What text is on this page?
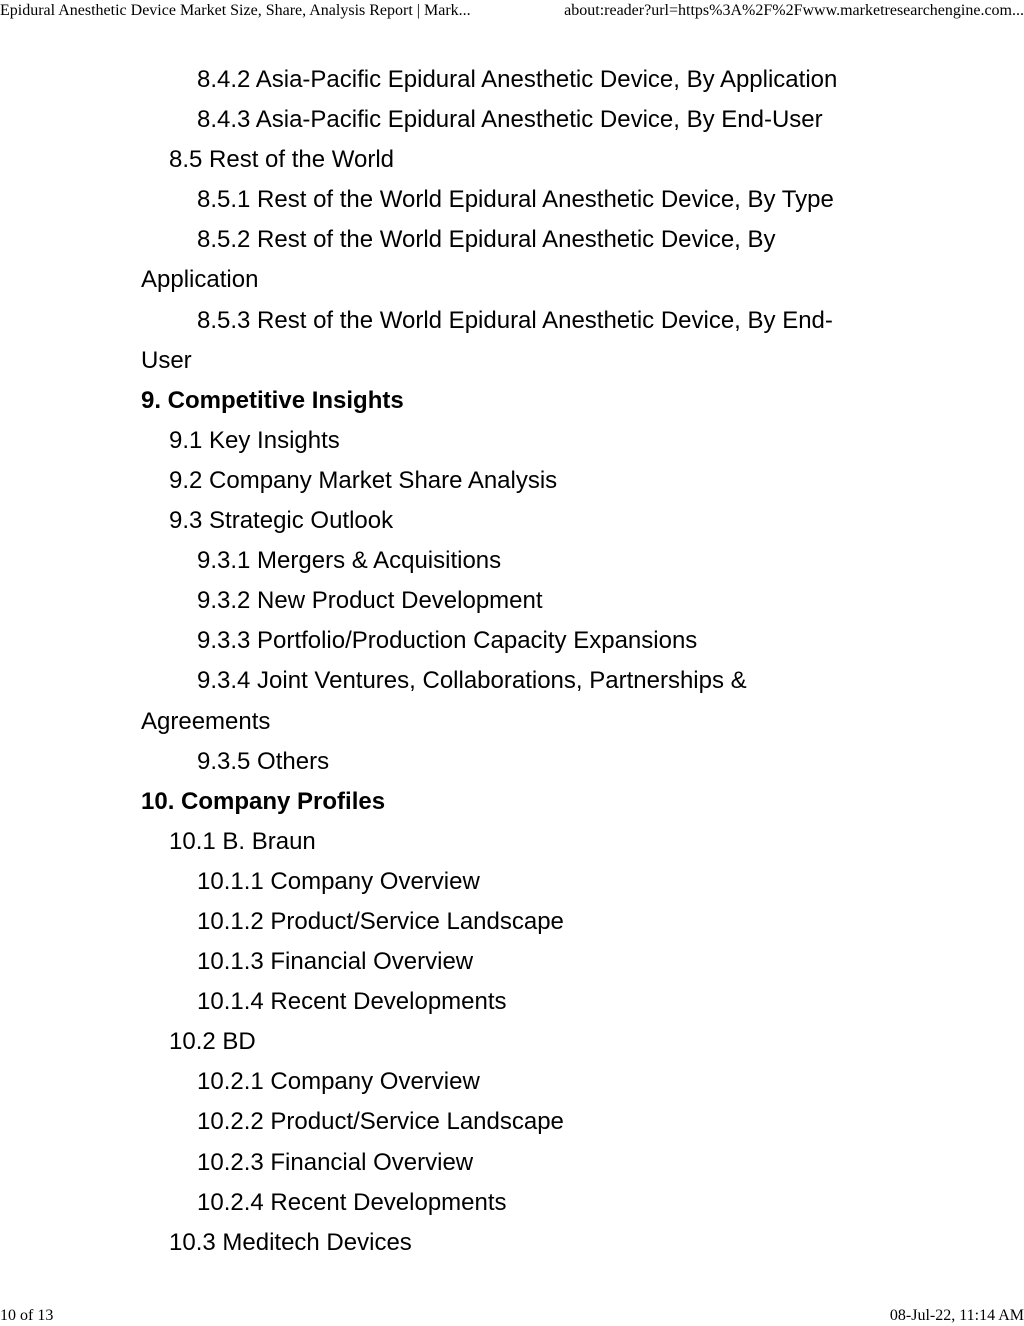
Epidural Anesthetic Device Market Size, Share, Analysis Report | Mark...	about:reader?url=https%3A%2F%2Fwww.marketresearchengine.com...

8.4.2 Asia-Pacific Epidural Anesthetic Device, By Application

8.4.3 Asia-Pacific Epidural Anesthetic Device, By End-User

8.5 Rest of the World

8.5.1 Rest of the World Epidural Anesthetic Device, By Type

8.5.2 Rest of the World Epidural Anesthetic Device, By Application

8.5.3 Rest of the World Epidural Anesthetic Device, By End-User

9. Competitive Insights

9.1 Key Insights

9.2 Company Market Share Analysis

9.3 Strategic Outlook

9.3.1 Mergers & Acquisitions

9.3.2 New Product Development

9.3.3 Portfolio/Production Capacity Expansions

9.3.4 Joint Ventures, Collaborations, Partnerships & Agreements

9.3.5 Others

10. Company Profiles

10.1 B. Braun

10.1.1 Company Overview

10.1.2 Product/Service Landscape

10.1.3 Financial Overview

10.1.4 Recent Developments

10.2 BD

10.2.1 Company Overview

10.2.2 Product/Service Landscape

10.2.3 Financial Overview

10.2.4 Recent Developments

10.3 Meditech Devices

10 of 13	08-Jul-22, 11:14 AM
